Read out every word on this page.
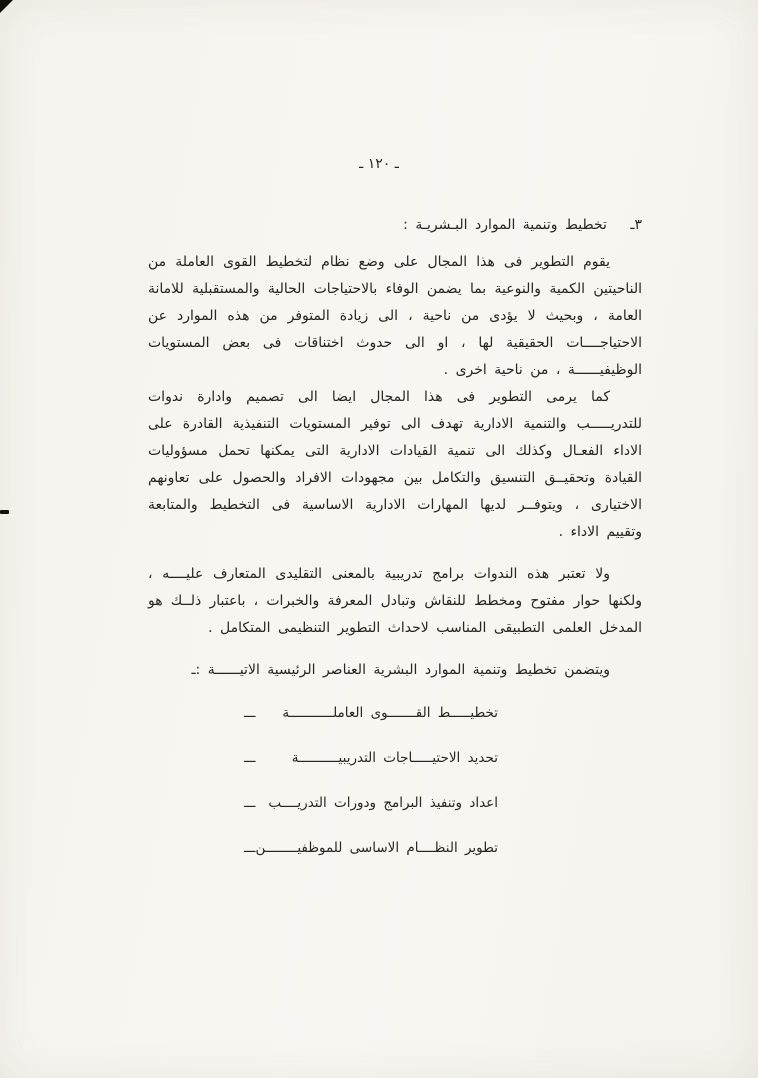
ـ ١٢٠ ـ
٣ـ تخطيط وتنمية الموارد البـشريـة :

يقوم التطوير فى هذا المجال على وضع نظام لتخطيط القوى العاملة من الناحيتين الكمية والنوعية بما يضمن الوفاء بالاحتياجات الحالية والمستقبلية للامانة العامة ، وبحيث لا يؤدى من ناحية ، الى زيادة المتوفر من هذه الموارد عن الاحتياجــــات الحقيقية لها ، او الى حدوث اختناقات فى بعض المستويات الوظيفيــــــة ، من ناحية اخرى .

كما يرمى التطوير فى هذا المجال ايضا الى تصميم وادارة ندوات للتدريـــــب والتنمية الادارية تهدف الى توفير المستويات التنفيذية القادرة على الاداء الفعـال وكذلك الى تنمية القيادات الادارية التى يمكنها تحمل مسؤوليات القيادة وتحقيــق التنسيق والتكامل بين مجهودات الافراد والحصول على تعاونهم الاختيارى ، ويتوفــر لديها المهارات الادارية الاساسية فى التخطيط والمتابعة وتقييم الاداء .

ولا تعتبر هذه الندوات برامج تدريبية بالمعنى التقليدى المتعارف عليــــه ، ولكنها حوار مفتوح ومخطط للنقاش وتبادل المعرفة والخبرات ، باعتبار ذلــك هو المدخل العلمى التطبيقى المناسب لاحداث التطوير التنظيمى المتكامل .

ويتضمن تخطيط وتنمية الموارد البشرية العناصر الرئيسية الاتيــــــة :ـ

ـــ تخطيـــــط القـــــــوى العاملـــــــــــة
ـــ	تحديد الاحتيـــــاجات التدريبيــــــــــة
ـــ اعداد وتنفيذ البرامج ودورات التدريــــب
ـــ تطوير النظــــام الاساسى للموظفيــــــــن
